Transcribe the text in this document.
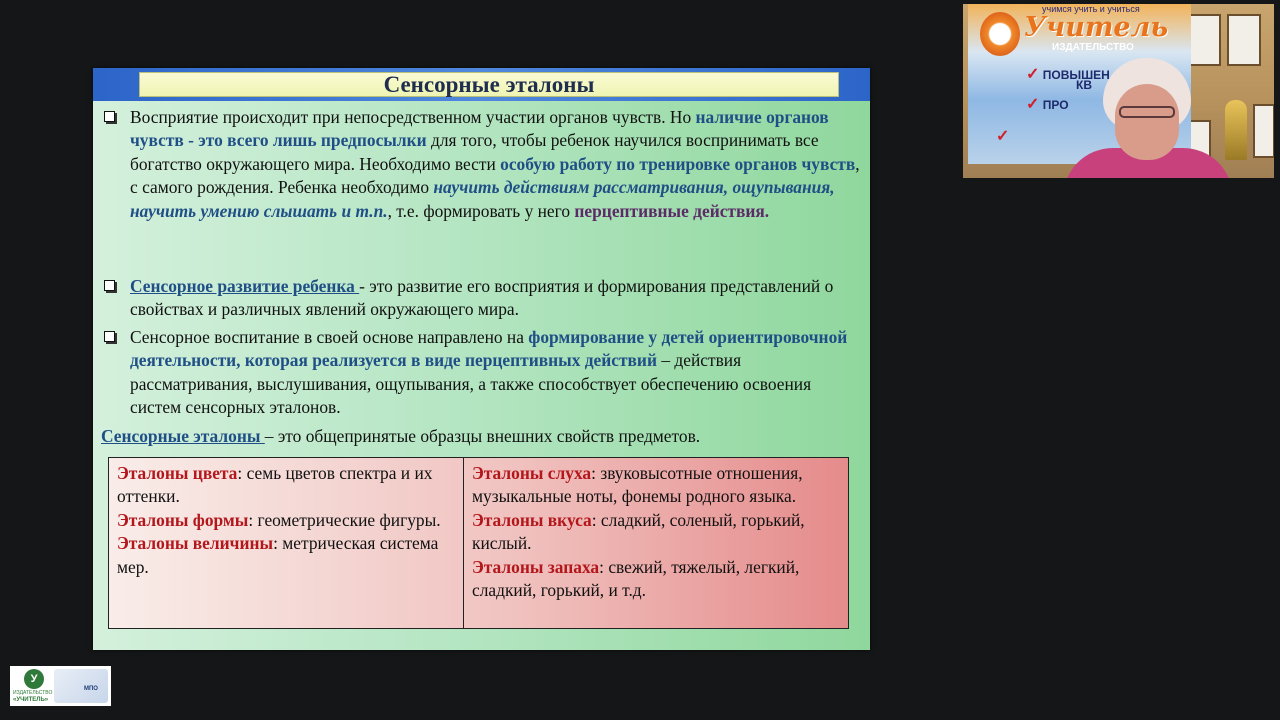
Сенсорные эталоны
Восприятие происходит при непосредственном участии органов чувств. Но наличие органов чувств - это всего лишь предпосылки для того, чтобы ребенок научился воспринимать все богатство окружающего мира. Необходимо вести особую работу по тренировке органов чувств, с самого рождения. Ребенка необходимо научить действиям рассматривания, ощупывания, научить умению слышать и т.п., т.е. формировать у него перцептивные действия.
Сенсорное развитие ребенка - это развитие его восприятия и формирования представлений о свойствах и различных явлений окружающего мира.
Сенсорное воспитание в своей основе направлено на формирование у детей ориентировочной деятельности, которая реализуется в виде перцептивных действий – действия рассматривания, выслушивания, ощупывания, а также способствует обеспечению освоения систем сенсорных эталонов.
Сенсорные эталоны – это общепринятые образцы внешних свойств предметов.
Эталоны цвета: семь цветов спектра и их оттенки.
Эталоны формы: геометрические фигуры.
Эталоны величины: метрическая система мер.
Эталоны слуха: звуковысотные отношения, музыкальные ноты, фонемы родного языка.
Эталоны вкуса: сладкий, соленый, горький, кислый.
Эталоны запаха: свежий, тяжелый, легкий, сладкий, горький, и т.д.
учимся учить и учиться
Учитель
ИЗДАТЕЛЬСТВО
✓ ПОВЫШЕН
КВ
✓ ПРО
✓
У
ИЗДАТЕЛЬСТВО
«УЧИТЕЛЬ»
МПО
